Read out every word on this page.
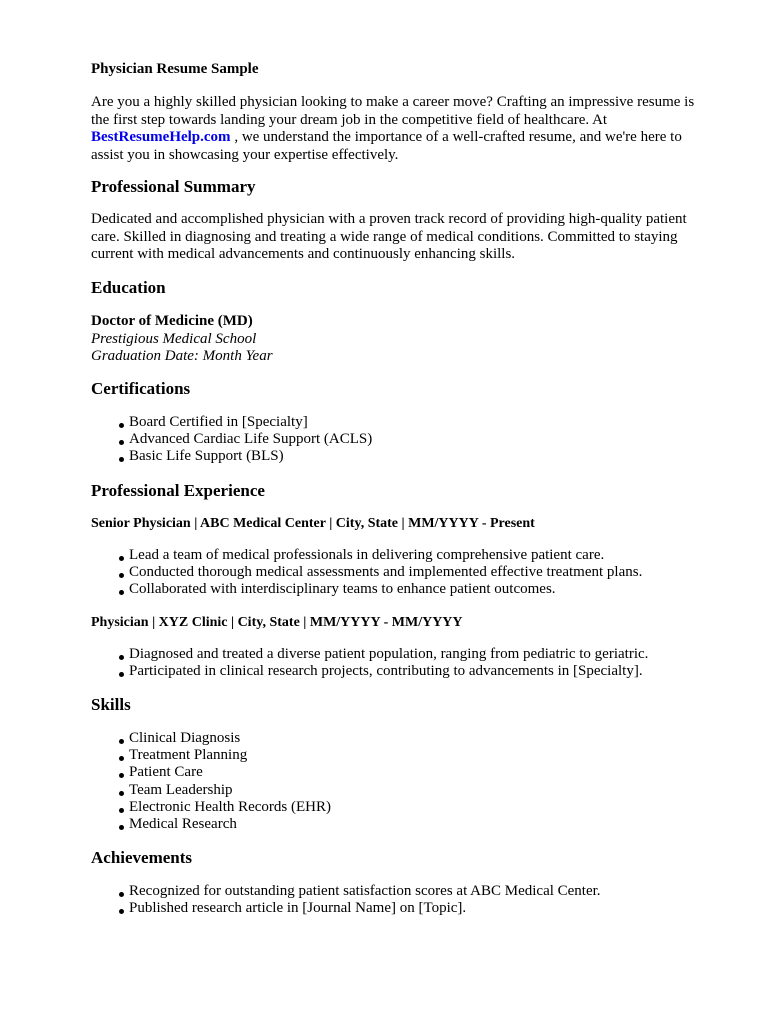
Physician Resume Sample
Are you a highly skilled physician looking to make a career move? Crafting an impressive resume is
the first step towards landing your dream job in the competitive field of healthcare. At
BestResumeHelp.com , we understand the importance of a well-crafted resume, and we're here to
assist you in showcasing your expertise effectively.
Professional Summary
Dedicated and accomplished physician with a proven track record of providing high-quality patient
care. Skilled in diagnosing and treating a wide range of medical conditions. Committed to staying
current with medical advancements and continuously enhancing skills.
Education
Doctor of Medicine (MD)
Prestigious Medical School
Graduation Date: Month Year
Certifications
Board Certified in [Specialty]
Advanced Cardiac Life Support (ACLS)
Basic Life Support (BLS)
Professional Experience
Senior Physician | ABC Medical Center | City, State | MM/YYYY - Present
Lead a team of medical professionals in delivering comprehensive patient care.
Conducted thorough medical assessments and implemented effective treatment plans.
Collaborated with interdisciplinary teams to enhance patient outcomes.
Physician | XYZ Clinic | City, State | MM/YYYY - MM/YYYY
Diagnosed and treated a diverse patient population, ranging from pediatric to geriatric.
Participated in clinical research projects, contributing to advancements in [Specialty].
Skills
Clinical Diagnosis
Treatment Planning
Patient Care
Team Leadership
Electronic Health Records (EHR)
Medical Research
Achievements
Recognized for outstanding patient satisfaction scores at ABC Medical Center.
Published research article in [Journal Name] on [Topic].
